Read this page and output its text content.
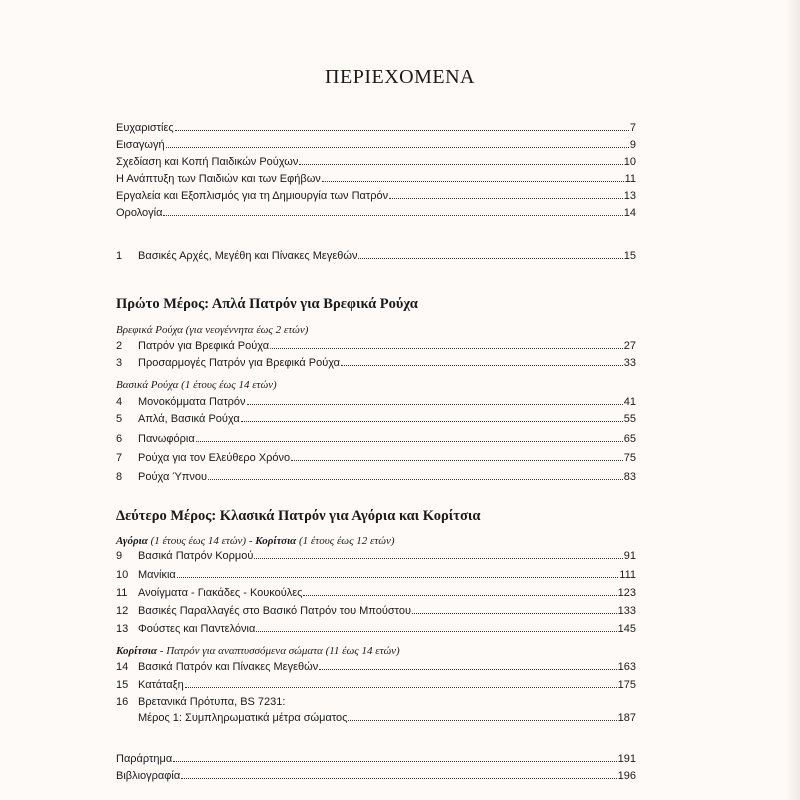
ΠΕΡΙΕΧΟΜΕΝΑ
Ευχαριστίες	7
Εισαγωγή	9
Σχεδίαση και Κοπή Παιδικών Ρούχων	10
Η Ανάπτυξη των Παιδιών και των Εφήβων	11
Εργαλεία και Εξοπλισμός για τη Δημιουργία των Πατρόν	13
Ορολογία	14
1	Βασικές Αρχές, Μεγέθη και Πίνακες Μεγεθών	15
Πρώτο Μέρος: Απλά Πατρόν για Βρεφικά Ρούχα
Βρεφικά Ρούχα (για νεογέννητα έως 2 ετών)
2	Πατρόν για Βρεφικά Ρούχα	27
3	Προσαρμογές Πατρόν για Βρεφικά Ρούχα	33
Βασικά Ρούχα (1 έτους έως 14 ετών)
4	Μονοκόμματα Πατρόν	41
5	Απλά, Βασικά Ρούχα	55
6	Πανωφόρια	65
7	Ρούχα για τον Ελεύθερο Χρόνο	75
8	Ρούχα Ύπνου	83
Δεύτερο Μέρος: Κλασικά Πατρόν για Αγόρια και Κορίτσια
Αγόρια (1 έτους έως 14 ετών) - Κορίτσια (1 έτους έως 12 ετών)
9	Βασικά Πατρόν Κορμού	91
10 Μανίκια	111
11 Ανοίγματα - Γιακάδες - Κουκούλες	123
12 Βασικές Παραλλαγές στο Βασικό Πατρόν του Μπούστου	133
13 Φούστες και Παντελόνια	145
Κορίτσια - Πατρόν για αναπτυσσόμενα σώματα (11 έως 14 ετών)
14 Βασικά Πατρόν και Πίνακες Μεγεθών	163
15 Κατάταξη	175
16 Βρετανικά Πρότυπα, BS 7231:
Μέρος 1: Συμπληρωματικά μέτρα σώματος	187
Παράρτημα	191
Βιβλιογραφία	196
